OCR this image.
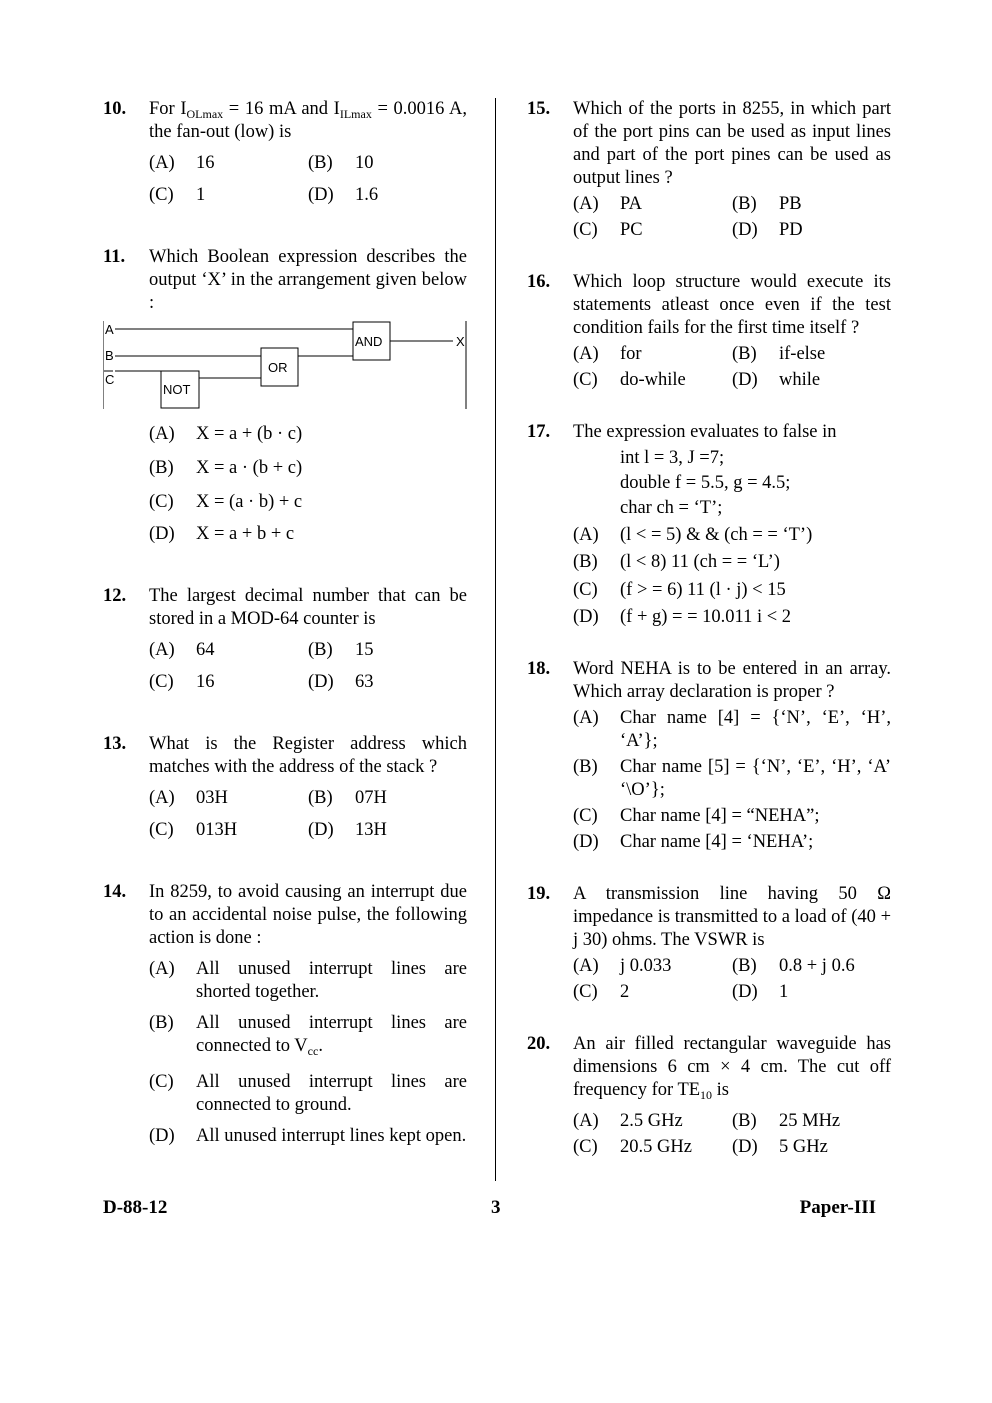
10. For $I_{OLmax} = 16$ mA and $I_{ILmax} = 0.0016$ A, the fan-out (low) is
(A)	16	(B)	10
(C)	1	(D)	1.6
11. Which Boolean expression describes the output ‘X’ in the arrangement given below :
A
B
C
AND
OR
NOT
X
(A)	X = a + (b · c)
(B)	X = a · (b + c)
(C)	X = (a · b) + c
(D)	X = a + b + c
12. The largest decimal number that can be stored in a MOD-64 counter is
(A)	64	(B)	15
(C)	16	(D)	63
13. What is the Register address which matches with the address of the stack ?
(A)	03H	(B)	07H
(C)	013H	(D)	13H
14. In 8259, to avoid causing an interrupt due to an accidental noise pulse, the following action is done :
(A)	All unused interrupt lines are shorted together.
(B)	All unused interrupt lines are connected to $V_{cc}$.
(C)	All unused interrupt lines are connected to ground.
(D)	All unused interrupt lines kept open.
15. Which of the ports in 8255, in which part of the port pins can be used as input lines and part of the port pines can be used as output lines ?
(A)	PA	(B)	PB
(C)	PC	(D)	PD
16. Which loop structure would execute its statements atleast once even if the test condition fails for the first time itself ?
(A)	for	(B)	if-else
(C)	do-while	(D)	while
17. The expression evaluates to false in
int l = 3, J =7;
double f = 5.5, g = 4.5;
char ch = ‘T’;
(A)	(l < = 5) & & (ch = = ‘T’)
(B)	(l < 8) 11 (ch = = ‘L’)
(C)	(f > = 6) 11 (l · j) < 15
(D)	(f + g) = = 10.011 i < 2
18. Word NEHA is to be entered in an array. Which array declaration is proper ?
(A)	Char name [4] = {‘N’, ‘E’, ‘H’, ‘A’};
(B)	Char name [5] = {‘N’, ‘E’, ‘H’, ‘A’ ‘\O’};
(C)	Char name [4] = “NEHA”;
(D)	Char name [4] = ‘NEHA’;
19. A transmission line having 50 Ω impedance is transmitted to a load of (40 + j 30) ohms. The VSWR is
(A)	j 0.033	(B)	0.8 + j 0.6
(C)	2	(D)	1
20. An air filled rectangular waveguide has dimensions 6 cm × 4 cm. The cut off frequency for $TE_{10}$ is
(A)	2.5 GHz	(B)	25 MHz
(C)	20.5 GHz	(D)	5 GHz
D-88-12	3	Paper-III
